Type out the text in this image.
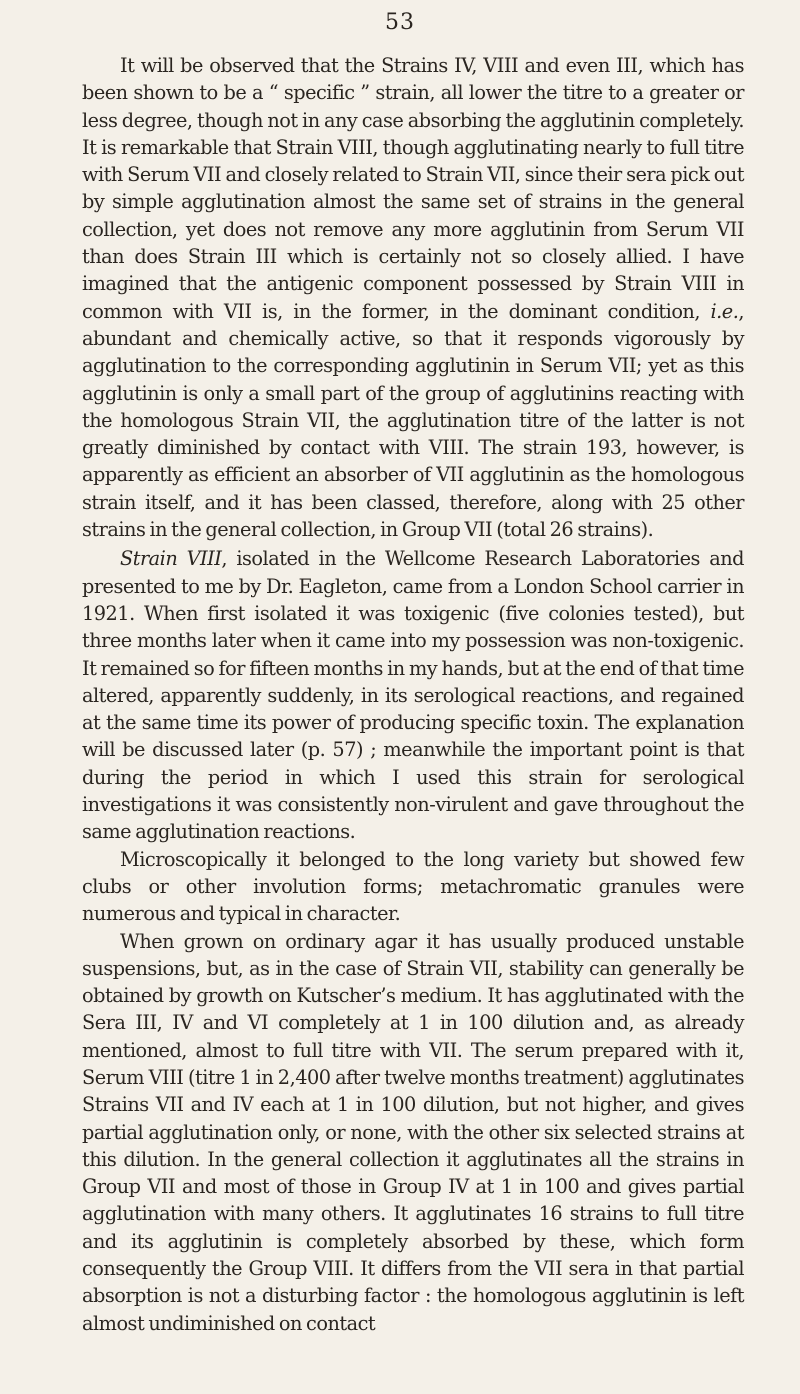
53

It will be observed that the Strains IV, VIII and even III, which has been shown to be a “ specific ” strain, all lower the titre to a greater or less degree, though not in any case absorbing the agglutinin completely. It is remarkable that Strain VIII, though agglutinating nearly to full titre with Serum VII and closely related to Strain VII, since their sera pick out by simple agglutination almost the same set of strains in the general collection, yet does not remove any more agglutinin from Serum VII than does Strain III which is certainly not so closely allied. I have imagined that the antigenic component possessed by Strain VIII in common with VII is, in the former, in the dominant condition, i.e., abundant and chemically active, so that it responds vigorously by agglutination to the corresponding agglutinin in Serum VII; yet as this agglutinin is only a small part of the group of agglutinins reacting with the homologous Strain VII, the agglutination titre of the latter is not greatly diminished by contact with VIII. The strain 193, however, is apparently as efficient an absorber of VII agglutinin as the homologous strain itself, and it has been classed, therefore, along with 25 other strains in the general collection, in Group VII (total 26 strains).

Strain VIII, isolated in the Wellcome Research Laboratories and presented to me by Dr. Eagleton, came from a London School carrier in 1921. When first isolated it was toxigenic (five colonies tested), but three months later when it came into my possession was non-toxigenic. It remained so for fifteen months in my hands, but at the end of that time altered, apparently suddenly, in its serological reactions, and regained at the same time its power of producing specific toxin. The explanation will be discussed later (p. 57) ; meanwhile the important point is that during the period in which I used this strain for serological investigations it was consistently non-virulent and gave throughout the same agglutination reactions.

Microscopically it belonged to the long variety but showed few clubs or other involution forms; metachromatic granules were numerous and typical in character.

When grown on ordinary agar it has usually produced unstable suspensions, but, as in the case of Strain VII, stability can generally be obtained by growth on Kutscher’s medium. It has agglutinated with the Sera III, IV and VI completely at 1 in 100 dilution and, as already mentioned, almost to full titre with VII. The serum prepared with it, Serum VIII (titre 1 in 2,400 after twelve months treatment) agglutinates Strains VII and IV each at 1 in 100 dilution, but not higher, and gives partial agglutination only, or none, with the other six selected strains at this dilution. In the general collection it agglutinates all the strains in Group VII and most of those in Group IV at 1 in 100 and gives partial agglutination with many others. It agglutinates 16 strains to full titre and its agglutinin is completely absorbed by these, which form consequently the Group VIII. It differs from the VII sera in that partial absorption is not a disturbing factor : the homologous agglutinin is left almost undiminished on contact
